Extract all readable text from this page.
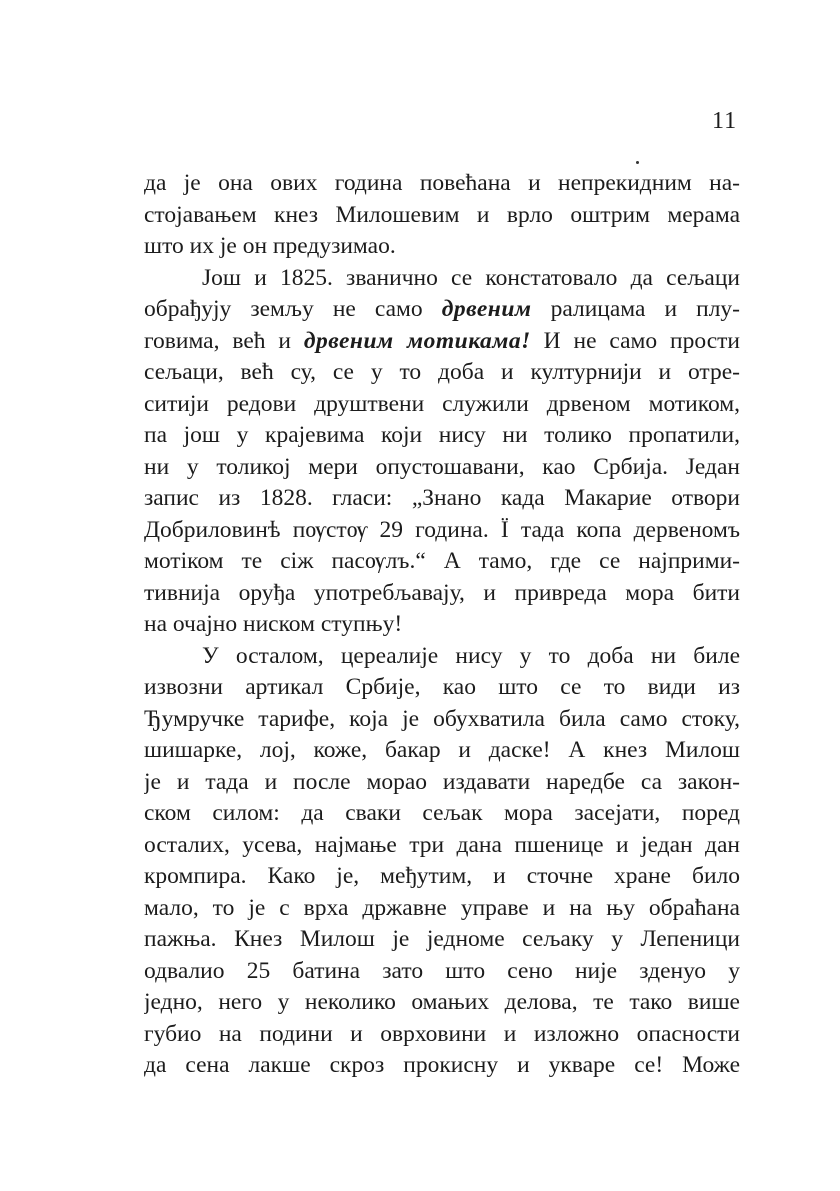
11
да је она ових година повећана и непрекидним на-
стојавањем кнез Милошевим и врло оштрим мерама
што их је он предузимао.
Још и 1825. званично се констатовало да сељаци
обрађују земљу не само дрвеним ралицама и плу-
говима, већ и дрвеним мотикама! И не само прости
сељаци, већ су, се у то доба и културнији и отре-
ситији редови друштвени служили дрвеном мотиком,
па још у крајевима који нису ни толико пропатили,
ни у толикој мери опустошавани, као Србија. Један
запис из 1828. гласи: „Знано када Макарие отвори
Добриловинѣ пѹстѹ 29 година. Ї тада копа дервеномъ
мотіком те сіж пасѹлъ.“ А тамо, где се најприми-
тивнија оруђа употребљавају, и привреда мора бити
на очајно ниском ступњу!
У осталом, цереалије нису у то доба ни биле
извозни артикал Србије, као што се то види из
Ђумручке тарифе, која је обухватила била само стоку,
шишарке, лој, коже, бакар и даске! А кнез Милош
је и тада и после морао издавати наредбе са закон-
ском силом: да сваки сељак мора засејати, поред
осталих, усева, најмање три дана пшенице и један дан
кромпира. Како је, међутим, и сточне хране било
мало, то је с врха државне управе и на њу обраћана
пажња. Кнез Милош је једноме сељаку у Лепеници
одвалио 25 батина зато што сено није зденуо у
једно, него у неколико омањих делова, те тако више
губио на подини и оврховини и изложно опасности
да сена лакше скроз прокисну и укваре се! Може
